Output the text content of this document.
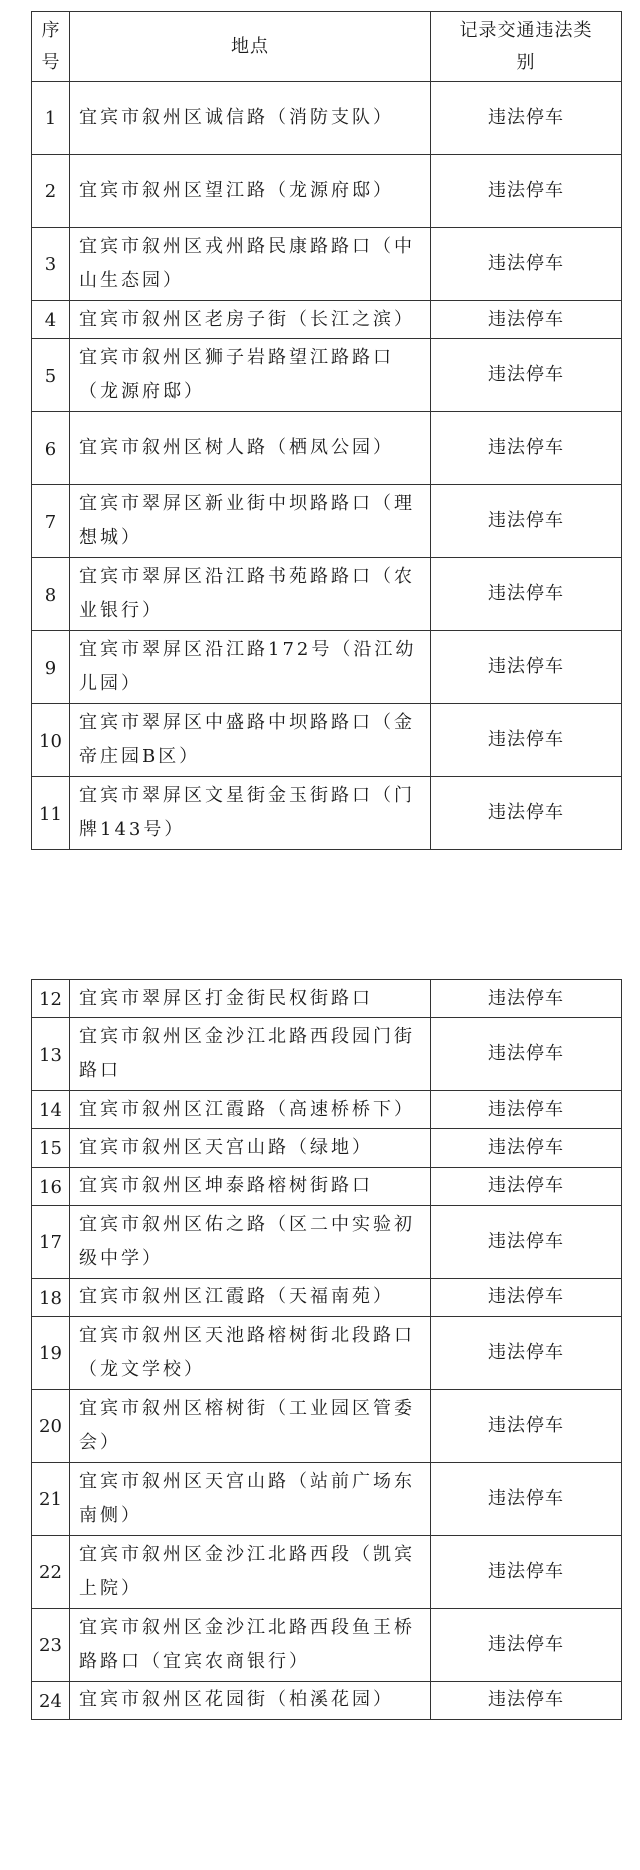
序号	地点	记录交通违法类别
1	宜宾市叙州区诚信路（消防支队）	违法停车
2	宜宾市叙州区望江路（龙源府邸）	违法停车
3	宜宾市叙州区戎州路民康路路口（中山生态园）	违法停车
4	宜宾市叙州区老房子街（长江之滨）	违法停车
5	宜宾市叙州区狮子岩路望江路路口（龙源府邸）	违法停车
6	宜宾市叙州区树人路（栖凤公园）	违法停车
7	宜宾市翠屏区新业街中坝路路口（理想城）	违法停车
8	宜宾市翠屏区沿江路书苑路路口（农业银行）	违法停车
9	宜宾市翠屏区沿江路172号（沿江幼儿园）	违法停车
10	宜宾市翠屏区中盛路中坝路路口（金帝庄园B区）	违法停车
11	宜宾市翠屏区文星街金玉街路口（门牌143号）	违法停车
12	宜宾市翠屏区打金街民权街路口	违法停车
13	宜宾市叙州区金沙江北路西段园门街路口	违法停车
14	宜宾市叙州区江霞路（高速桥桥下）	违法停车
15	宜宾市叙州区天宫山路（绿地）	违法停车
16	宜宾市叙州区坤泰路榕树街路口	违法停车
17	宜宾市叙州区佑之路（区二中实验初级中学）	违法停车
18	宜宾市叙州区江霞路（天福南苑）	违法停车
19	宜宾市叙州区天池路榕树街北段路口（龙文学校）	违法停车
20	宜宾市叙州区榕树街（工业园区管委会）	违法停车
21	宜宾市叙州区天宫山路（站前广场东南侧）	违法停车
22	宜宾市叙州区金沙江北路西段（凯宾上院）	违法停车
23	宜宾市叙州区金沙江北路西段鱼王桥路路口（宜宾农商银行）	违法停车
24	宜宾市叙州区花园街（柏溪花园）	违法停车
